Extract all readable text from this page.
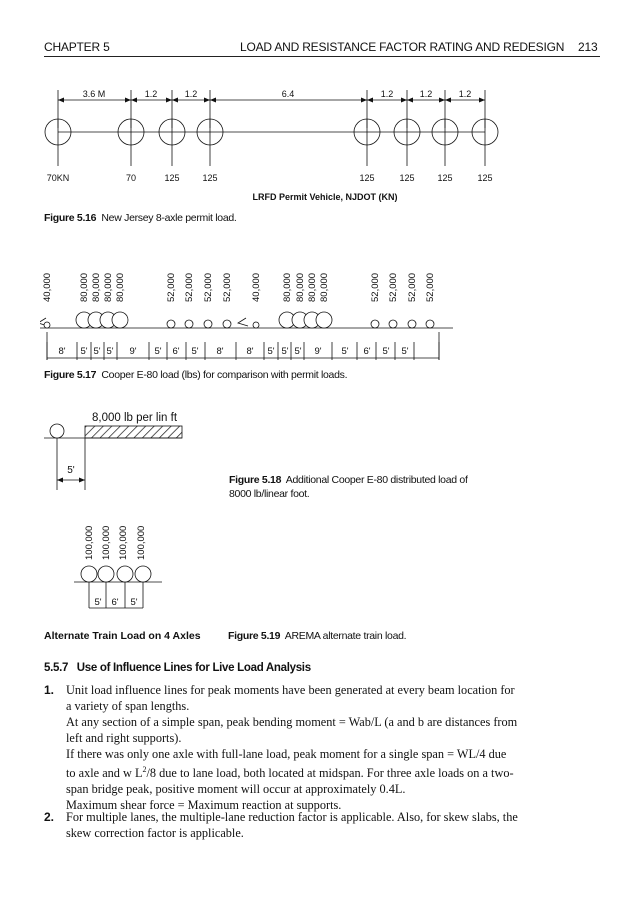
CHAPTER 5	LOAD AND RESISTANCE FACTOR RATING AND REDESIGN 213
3.6 M	1.2	1.2	6.4	1.2	1.2	1.2
70KN	70	125	125	125	125	125	125
LRFD Permit Vehicle, NJDOT (KN)
Figure 5.16 New Jersey 8-axle permit load.
40,000	80,000 80,000 80,000 80,000	52,000 52,000 52,000 52,000 40,000 80,000 80,000 80,000 80,000	52,000 52,000 52,000 52,000
8' 5' 5' 5' 9' 5' 6' 5' 8' 8' 5' 5' 5' 9' 5' 6' 5' 5'
Figure 5.17 Cooper E-80 load (lbs) for comparison with permit loads.
8,000 lb per lin ft
5'
Figure 5.18 Additional Cooper E-80 distributed load of
8000 lb/linear foot.
100,000 100,000 100,000 100,000
5' 6' 5'
Alternate Train Load on 4 Axles	Figure 5.19 AREMA alternate train load.
5.5.7 Use of Influence Lines for Live Load Analysis
1. Unit load influence lines for peak moments have been generated at every beam location for
a variety of span lengths.
At any section of a simple span, peak bending moment = Wab/L (a and b are distances from
left and right supports).
If there was only one axle with full-lane load, peak moment for a single span = WL/4 due
to axle and w $L^2/8$ due to lane load, both located at midspan. For three axle loads on a two-
span bridge peak, positive moment will occur at approximately 0.4L.
Maximum shear force = Maximum reaction at supports.
2. For multiple lanes, the multiple-lane reduction factor is applicable. Also, for skew slabs, the
skew correction factor is applicable.
